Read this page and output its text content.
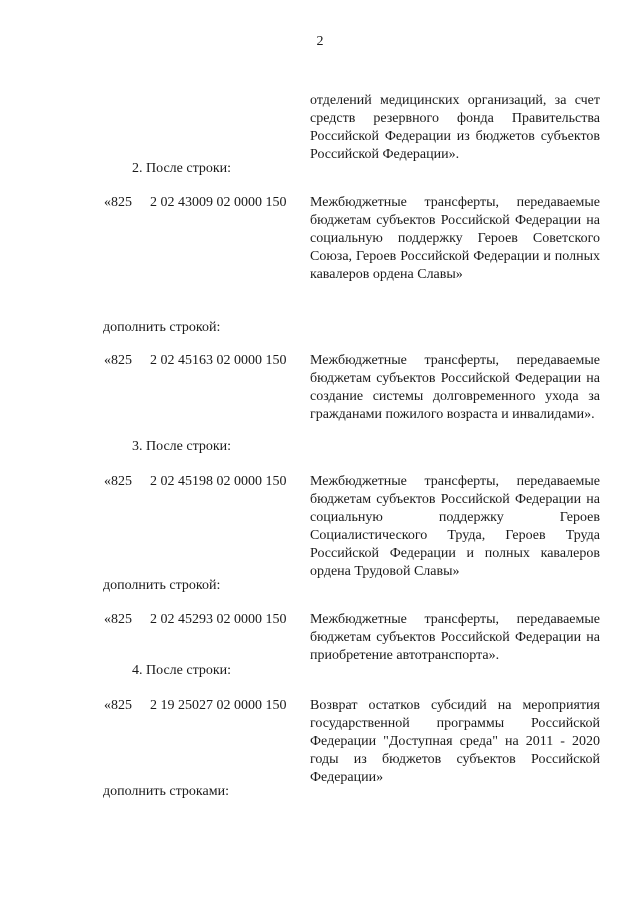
2
отделений медицинских организаций, за счет средств резервного фонда Правительства Российской Федерации из бюджетов субъектов Российской Федерации».
2. После строки:
«825 2 02 43009 02 0000 150 Межбюджетные трансферты, передаваемые бюджетам субъектов Российской Федерации на социальную поддержку Героев Советского Союза, Героев Российской Федерации и полных кавалеров ордена Славы»
дополнить строкой:
«825 2 02 45163 02 0000 150 Межбюджетные трансферты, передаваемые бюджетам субъектов Российской Федерации на создание системы долговременного ухода за гражданами пожилого возраста и инвалидами».
3. После строки:
«825 2 02 45198 02 0000 150 Межбюджетные трансферты, передаваемые бюджетам субъектов Российской Федерации на социальную поддержку Героев Социалистического Труда, Героев Труда Российской Федерации и полных кавалеров ордена Трудовой Славы»
дополнить строкой:
«825 2 02 45293 02 0000 150 Межбюджетные трансферты, передаваемые бюджетам субъектов Российской Федерации на приобретение автотранспорта».
4. После строки:
«825 2 19 25027 02 0000 150 Возврат остатков субсидий на мероприятия государственной программы Российской Федерации "Доступная среда" на 2011 - 2020 годы из бюджетов субъектов Российской Федерации»
дополнить строками:
